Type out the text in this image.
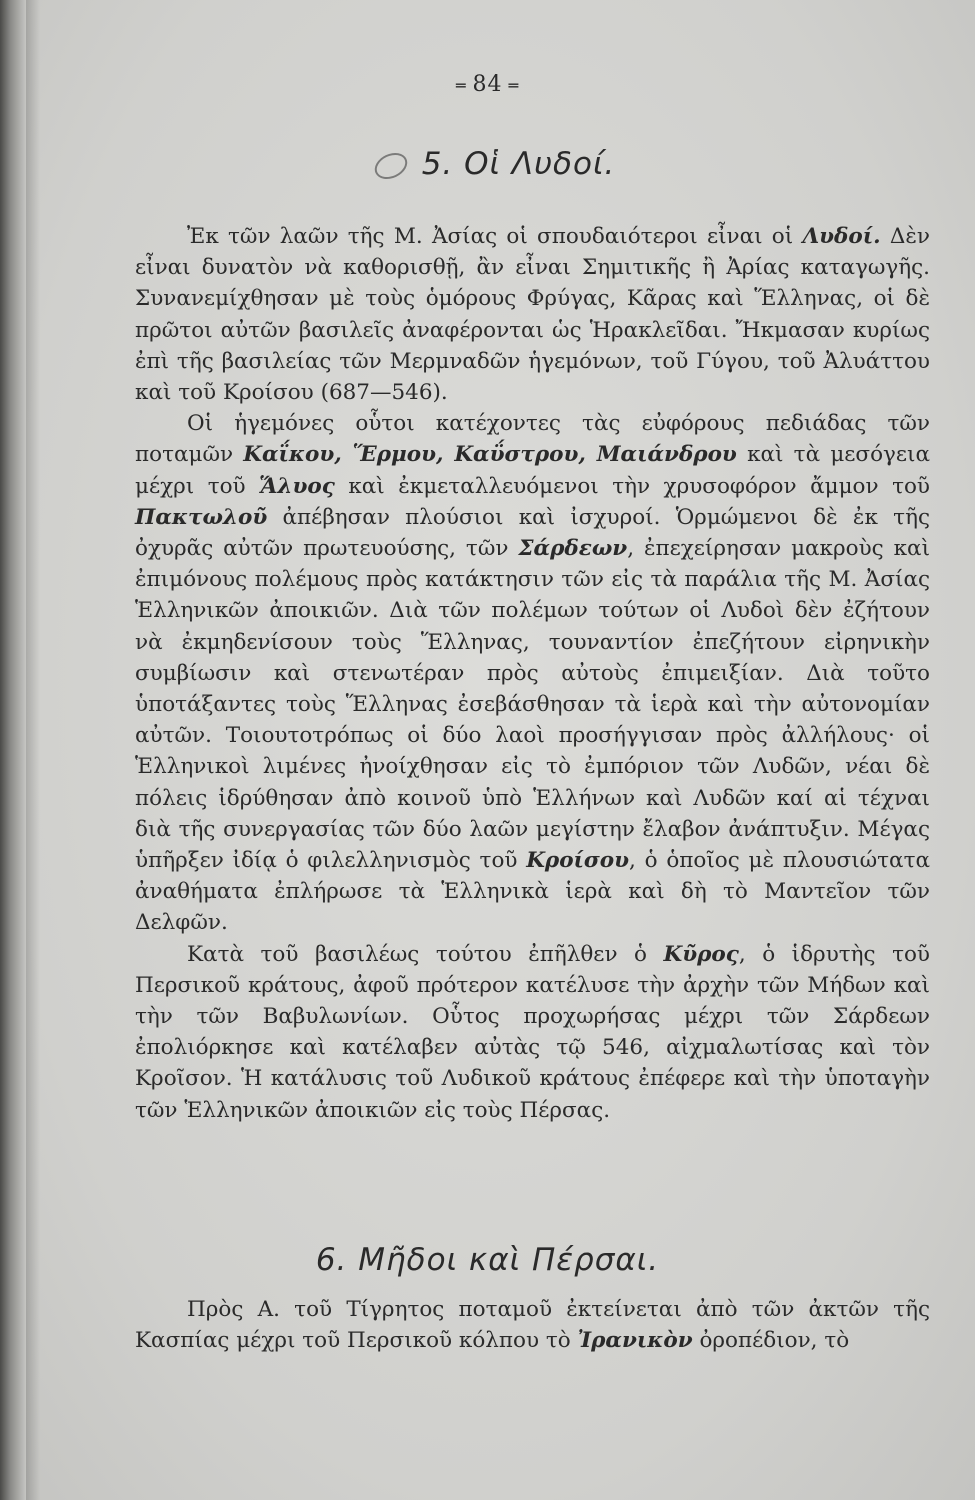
═ 84 ═
5. Οἱ Λυδοί.

Ἐκ τῶν λαῶν τῆς Μ. Ἀσίας οἱ σπουδαιότεροι εἶναι οἱ Λυδοί. Δὲν εἶναι δυνατὸν νὰ καθορισθῇ, ἂν εἶναι Σημιτικῆς ἢ Ἀρίας καταγωγῆς. Συνανεμίχθησαν μὲ τοὺς ὁμόρους Φρύγας, Κᾶρας καὶ Ἕλληνας, οἱ δὲ πρῶτοι αὐτῶν βασιλεῖς ἀναφέρονται ὡς Ἡρακλεῖδαι. Ἤκμασαν κυρίως ἐπὶ τῆς βασιλείας τῶν Μερμναδῶν ἡγεμόνων, τοῦ Γύγου, τοῦ Ἀλυάττου καὶ τοῦ Κροίσου (687—546).

Οἱ ἡγεμόνες οὗτοι κατέχοντες τὰς εὐφόρους πεδιάδας τῶν ποταμῶν Καΐκου, Ἕρμου, Καΰστρου, Μαιάνδρου καὶ τὰ μεσόγεια μέχρι τοῦ Ἅλυος καὶ ἐκμεταλλευόμενοι τὴν χρυσοφόρον ἄμμον τοῦ Πακτωλοῦ ἀπέβησαν πλούσιοι καὶ ἰσχυροί. Ὁρμώμενοι δὲ ἐκ τῆς ὀχυρᾶς αὐτῶν πρωτευούσης, τῶν Σάρδεων, ἐπεχείρησαν μακροὺς καὶ ἐπιμόνους πολέμους πρὸς κατάκτησιν τῶν εἰς τὰ παράλια τῆς Μ. Ἀσίας Ἑλληνικῶν ἀποικιῶν. Διὰ τῶν πολέμων τούτων οἱ Λυδοὶ δὲν ἐζήτουν νὰ ἐκμηδενίσουν τοὺς Ἕλληνας, τουναντίον ἐπεζήτουν εἰρηνικὴν συμβίωσιν καὶ στενωτέραν πρὸς αὐτοὺς ἐπιμειξίαν. Διὰ τοῦτο ὑποτάξαντες τοὺς Ἕλληνας ἐσεβάσθησαν τὰ ἱερὰ καὶ τὴν αὐτονομίαν αὐτῶν. Τοιουτοτρόπως οἱ δύο λαοὶ προσήγγισαν πρὸς ἀλλήλους· οἱ Ἑλληνικοὶ λιμένες ἠνοίχθησαν εἰς τὸ ἐμπόριον τῶν Λυδῶν, νέαι δὲ πόλεις ἱδρύθησαν ἀπὸ κοινοῦ ὑπὸ Ἑλλήνων καὶ Λυδῶν καί αἱ τέχναι διὰ τῆς συνεργασίας τῶν δύο λαῶν μεγίστην ἔλαβον ἀνάπτυξιν. Μέγας ὑπῆρξεν ἰδίᾳ ὁ φιλελληνισμὸς τοῦ Κροίσου, ὁ ὁποῖος μὲ πλουσιώτατα ἀναθήματα ἐπλήρωσε τὰ Ἑλληνικὰ ἱερὰ καὶ δὴ τὸ Μαντεῖον τῶν Δελφῶν.

Κατὰ τοῦ βασιλέως τούτου ἐπῆλθεν ὁ Κῦρος, ὁ ἱδρυτὴς τοῦ Περσικοῦ κράτους, ἀφοῦ πρότερον κατέλυσε τὴν ἀρχὴν τῶν Μήδων καὶ τὴν τῶν Βαβυλωνίων. Οὗτος προχωρήσας μέχρι τῶν Σάρδεων ἐπολιόρκησε καὶ κατέλαβεν αὐτὰς τῷ 546, αἰχμαλωτίσας καὶ τὸν Κροῖσον. Ἡ κατάλυσις τοῦ Λυδικοῦ κράτους ἐπέφερε καὶ τὴν ὑποταγὴν τῶν Ἑλληνικῶν ἀποικιῶν εἰς τοὺς Πέρσας.

6. Μῆδοι καὶ Πέρσαι.

Πρὸς Α. τοῦ Τίγρητος ποταμοῦ ἐκτείνεται ἀπὸ τῶν ἀκτῶν τῆς Κασπίας μέχρι τοῦ Περσικοῦ κόλπου τὸ Ἰρανικὸν ὀροπέδιον, τὸ
